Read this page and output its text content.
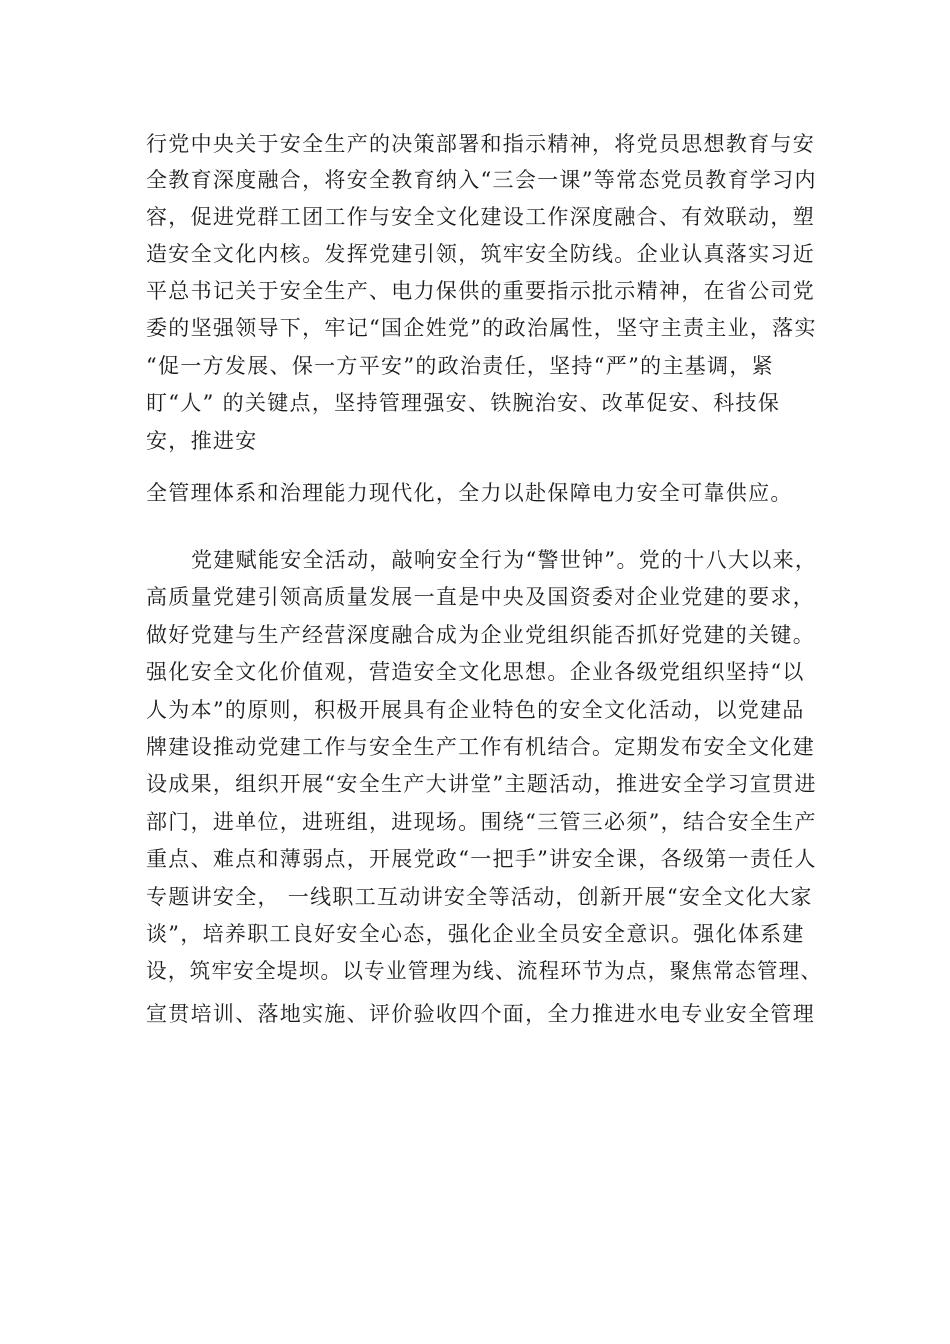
行党中央关于安全生产的决策部署和指示精神，将党员思想教育与安
全教育深度融合，将安全教育纳入“三会一课”等常态党员教育学习内
容，促进党群工团工作与安全文化建设工作深度融合、有效联动，塑
造安全文化内核。发挥党建引领，筑牢安全防线。企业认真落实习近
平总书记关于安全生产、电力保供的重要指示批示精神，在省公司党
委的坚强领导下，牢记“国企姓党”的政治属性，坚守主责主业，落实
“促一方发展、保一方平安”的政治责任，坚持“严”的主基调，紧
盯“人” 的关键点，坚持管理强安、铁腕治安、改革促安、科技保
安，推进安
全管理体系和治理能力现代化，全力以赴保障电力安全可靠供应。
党建赋能安全活动，敲响安全行为“警世钟”。党的十八大以来，
高质量党建引领高质量发展一直是中央及国资委对企业党建的要求，
做好党建与生产经营深度融合成为企业党组织能否抓好党建的关键。
强化安全文化价值观，营造安全文化思想。企业各级党组织坚持“以
人为本”的原则，积极开展具有企业特色的安全文化活动，以党建品
牌建设推动党建工作与安全生产工作有机结合。定期发布安全文化建
设成果，组织开展“安全生产大讲堂”主题活动，推进安全学习宣贯进
部门，进单位，进班组，进现场。围绕“三管三必须”，结合安全生产
重点、难点和薄弱点，开展党政“一把手”讲安全课，各级第一责任人
专题讲安全， 一线职工互动讲安全等活动，创新开展“安全文化大家
谈”，培养职工良好安全心态，强化企业全员安全意识。强化体系建
设，筑牢安全堤坝。以专业管理为线、流程环节为点，聚焦常态管理、
宣贯培训、落地实施、评价验收四个面，全力推进水电专业安全管理
